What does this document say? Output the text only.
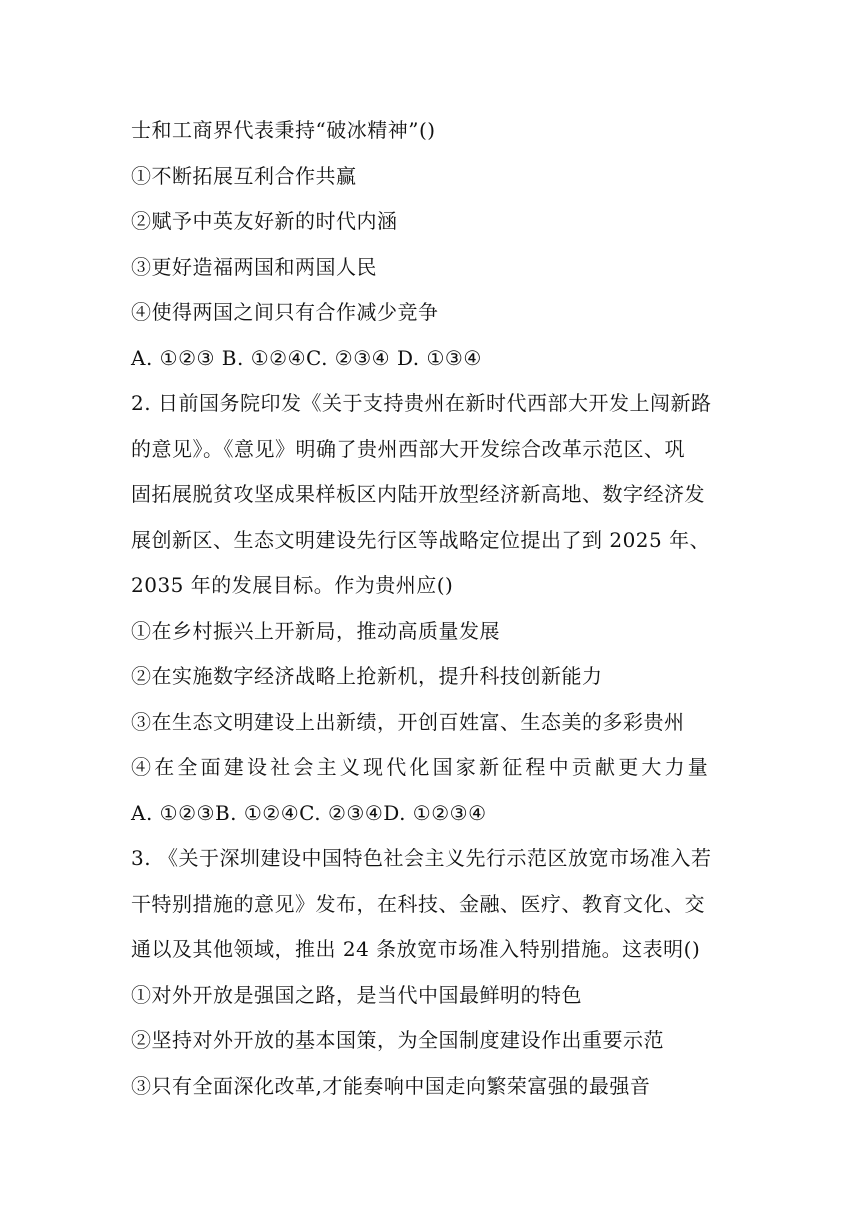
士和工商界代表秉持“破冰精神”()
①不断拓展互利合作共赢
②赋予中英友好新的时代内涵
③更好造福两国和两国人民
④使得两国之间只有合作减少竞争
A. ①②③ B. ①②④C. ②③④ D. ①③④
2. 日前国务院印发《关于支持贵州在新时代西部大开发上闯新路
的意见》。《意见》明确了贵州西部大开发综合改革示范区、巩
固拓展脱贫攻坚成果样板区内陆开放型经济新高地、数字经济发
展创新区、生态文明建设先行区等战略定位提出了到 2025 年、
2035 年的发展目标。作为贵州应()
①在乡村振兴上开新局，推动高质量发展
②在实施数字经济战略上抢新机，提升科技创新能力
③在生态文明建设上出新绩，开创百姓富、生态美的多彩贵州
④在全面建设社会主义现代化国家新征程中贡献更大力量
A. ①②③B. ①②④C. ②③④D. ①②③④
3. 《关于深圳建设中国特色社会主义先行示范区放宽市场准入若
干特别措施的意见》发布，在科技、金融、医疗、教育文化、交
通以及其他领域，推出 24 条放宽市场准入特别措施。这表明()
①对外开放是强国之路，是当代中国最鲜明的特色
②坚持对外开放的基本国策，为全国制度建设作出重要示范
③只有全面深化改革,才能奏响中国走向繁荣富强的最强音
